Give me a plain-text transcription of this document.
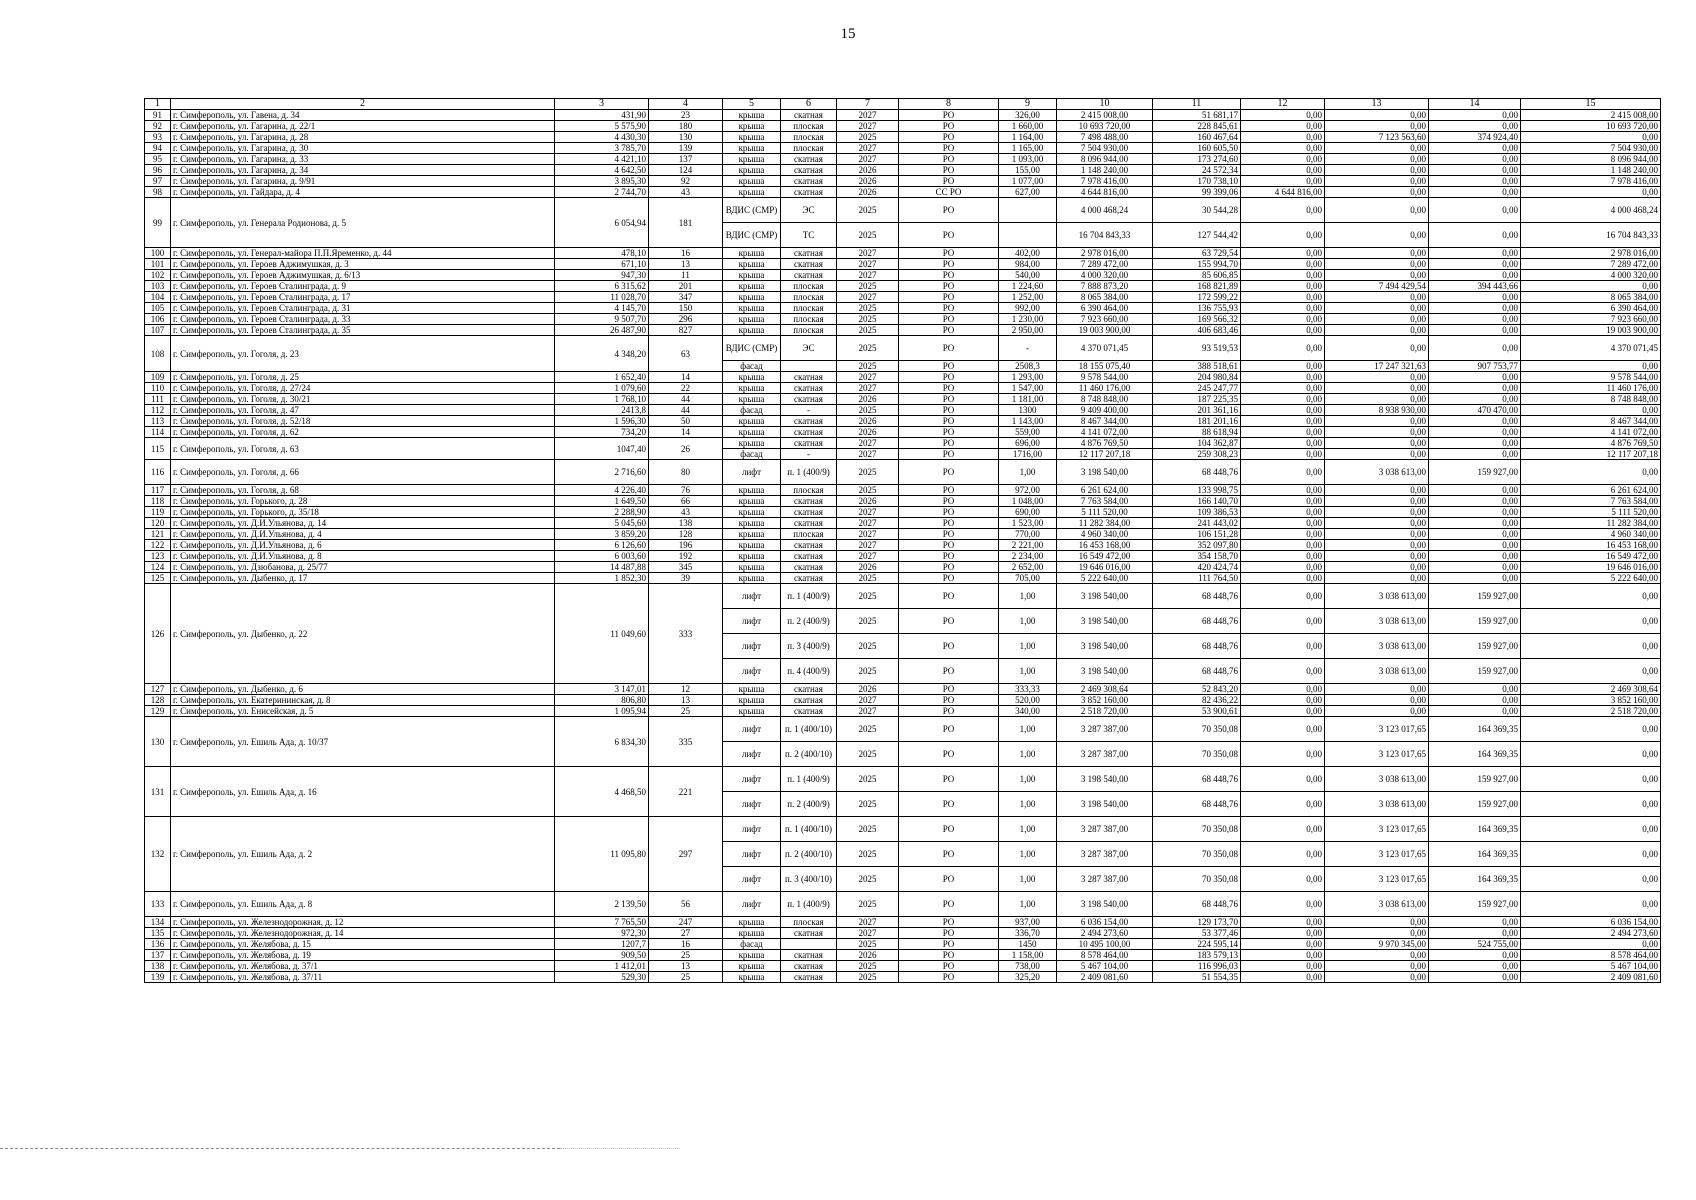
15
1	2	3	4	5	6	7	8	9	10	11	12	13	14	15
91	г. Симферополь, ул. Гавена, д. 34	431,90	23	крыша	скатная	2027	РО	326,00	2 415 008,00	51 681,17	0,00	0,00	0,00	2 415 008,00
92	г. Симферополь, ул. Гагарина, д. 22/1	5 575,90	180	крыша	плоская	2027	РО	1 660,00	10 693 720,00	228 845,61	0,00	0,00	0,00	10 693 720,00
93	г. Симферополь, ул. Гагарина, д. 28	4 430,30	130	крыша	плоская	2025	РО	1 164,00	7 498 488,00	160 467,64	0,00	7 123 563,60	374 924,40	0,00
94	г. Симферополь, ул. Гагарина, д. 30	3 785,70	139	крыша	плоская	2027	РО	1 165,00	7 504 930,00	160 605,50	0,00	0,00	0,00	7 504 930,00
95	г. Симферополь, ул. Гагарина, д. 33	4 421,10	137	крыша	скатная	2027	РО	1 093,00	8 096 944,00	173 274,60	0,00	0,00	0,00	8 096 944,00
96	г. Симферополь, ул. Гагарина, д. 34	4 642,50	124	крыша	скатная	2026	РО	155,00	1 148 240,00	24 572,34	0,00	0,00	0,00	1 148 240,00
97	г. Симферополь, ул. Гагарина, д. 9/91	3 895,30	92	крыша	скатная	2026	РО	1 077,00	7 978 416,00	170 738,10	0,00	0,00	0,00	7 978 416,00
98	г. Симферополь, ул. Гайдара, д. 4	2 744,70	43	крыша	скатная	2026	СС РО	627,00	4 644 816,00	99 399,06	4 644 816,00	0,00	0,00	0,00
99	г. Симферополь, ул. Генерала Родионова, д. 5	6 054,94	181	ВДИС (СМР)	ЭС	2025	РО		4 000 468,24	30 544,28	0,00	0,00	0,00	4 000 468,24
				ВДИС (СМР)	ТС	2025	РО		16 704 843,33	127 544,42	0,00	0,00	0,00	16 704 843,33
100	г. Симферополь, ул. Генерал-майора П.П.Яременко, д. 44	478,10	16	крыша	скатная	2027	РО	402,00	2 978 016,00	63 729,54	0,00	0,00	0,00	2 978 016,00
101	г. Симферополь, ул. Героев Аджимушкая, д. 3	671,10	13	крыша	скатная	2027	РО	984,00	7 289 472,00	155 994,70	0,00	0,00	0,00	7 289 472,00
102	г. Симферополь, ул. Героев Аджимушкая, д. 6/13	947,30	11	крыша	скатная	2027	РО	540,00	4 000 320,00	85 606,85	0,00	0,00	0,00	4 000 320,00
103	г. Симферополь, ул. Героев Сталинграда, д. 9	6 315,62	201	крыша	плоская	2025	РО	1 224,60	7 888 873,20	168 821,89	0,00	7 494 429,54	394 443,66	0,00
104	г. Симферополь, ул. Героев Сталинграда, д. 17	11 028,70	347	крыша	плоская	2027	РО	1 252,00	8 065 384,00	172 599,22	0,00	0,00	0,00	8 065 384,00
105	г. Симферополь, ул. Героев Сталинграда, д. 31	4 145,70	150	крыша	плоская	2025	РО	992,00	6 390 464,00	136 755,93	0,00	0,00	0,00	6 390 464,00
106	г. Симферополь, ул. Героев Сталинграда, д. 33	9 507,70	296	крыша	плоская	2025	РО	1 230,00	7 923 660,00	169 566,32	0,00	0,00	0,00	7 923 660,00
107	г. Симферополь, ул. Героев Сталинграда, д. 35	26 487,90	827	крыша	плоская	2025	РО	2 950,00	19 003 900,00	406 683,46	0,00	0,00	0,00	19 003 900,00
108	г. Симферополь, ул. Гоголя, д. 23	4 348,20	63	ВДИС (СМР)	ЭС	2025	РО	-	4 370 071,45	93 519,53	0,00	0,00	0,00	4 370 071,45
				фасад		2025	РО	2508,3	18 155 075,40	388 518,61	0,00	17 247 321,63	907 753,77	0,00
109	г. Симферополь, ул. Гоголя, д. 25	1 652,40	14	крыша	скатная	2027	РО	1 293,00	9 578 544,00	204 980,84	0,00	0,00	0,00	9 578 544,00
110	г. Симферополь, ул. Гоголя, д. 27/24	1 079,60	22	крыша	скатная	2027	РО	1 547,00	11 460 176,00	245 247,77	0,00	0,00	0,00	11 460 176,00
111	г. Симферополь, ул. Гоголя, д. 30/21	1 768,10	44	крыша	скатная	2026	РО	1 181,00	8 748 848,00	187 225,35	0,00	0,00	0,00	8 748 848,00
112	г. Симферополь, ул. Гоголя, д. 47	2413,8	44	фасад	-	2025	РО	1300	9 409 400,00	201 361,16	0,00	8 938 930,00	470 470,00	0,00
113	г. Симферополь, ул. Гоголя, д. 52/18	1 596,30	50	крыша	скатная	2026	РО	1 143,00	8 467 344,00	181 201,16	0,00	0,00	0,00	8 467 344,00
114	г. Симферополь, ул. Гоголя, д. 62	734,20	14	крыша	скатная	2026	РО	559,00	4 141 072,00	88 618,94	0,00	0,00	0,00	4 141 072,00
115	г. Симферополь, ул. Гоголя, д. 63	1047,40	26	крыша	скатная	2027	РО	696,00	4 876 769,50	104 362,87	0,00	0,00	0,00	4 876 769,50
				фасад	-	2027	РО	1716,00	12 117 207,18	259 308,23	0,00	0,00	0,00	12 117 207,18
116	г. Симферополь, ул. Гоголя, д. 66	2 716,60	80	лифт	п. 1 (400/9)	2025	РО	1,00	3 198 540,00	68 448,76	0,00	3 038 613,00	159 927,00	0,00
117	г. Симферополь, ул. Гоголя, д. 68	4 226,40	76	крыша	плоская	2025	РО	972,00	6 261 624,00	133 998,75	0,00	0,00	0,00	6 261 624,00
118	г. Симферополь, ул. Горького, д. 28	1 649,50	66	крыша	скатная	2026	РО	1 048,00	7 763 584,00	166 140,70	0,00	0,00	0,00	7 763 584,00
119	г. Симферополь, ул. Горького, д. 35/18	2 288,90	43	крыша	скатная	2027	РО	690,00	5 111 520,00	109 386,53	0,00	0,00	0,00	5 111 520,00
120	г. Симферополь, ул. Д.И.Ульянова, д. 14	5 045,60	138	крыша	скатная	2027	РО	1 523,00	11 282 384,00	241 443,02	0,00	0,00	0,00	11 282 384,00
121	г. Симферополь, ул. Д.И.Ульянова, д. 4	3 859,20	128	крыша	плоская	2027	РО	770,00	4 960 340,00	106 151,28	0,00	0,00	0,00	4 960 340,00
122	г. Симферополь, ул. Д.И.Ульянова, д. 6	6 126,60	196	крыша	скатная	2027	РО	2 221,00	16 453 168,00	352 097,80	0,00	0,00	0,00	16 453 168,00
123	г. Симферополь, ул. Д.И.Ульянова, д. 8	6 003,60	192	крыша	скатная	2027	РО	2 234,00	16 549 472,00	354 158,70	0,00	0,00	0,00	16 549 472,00
124	г. Симферополь, ул. Дзюбанова, д. 25/77	14 487,88	345	крыша	скатная	2026	РО	2 652,00	19 646 016,00	420 424,74	0,00	0,00	0,00	19 646 016,00
125	г. Симферополь, ул. Дыбенко, д. 17	1 852,30	39	крыша	скатная	2025	РО	705,00	5 222 640,00	111 764,50	0,00	0,00	0,00	5 222 640,00
126	г. Симферополь, ул. Дыбенко, д. 22	11 049,60	333	лифт	п. 1 (400/9)	2025	РО	1,00	3 198 540,00	68 448,76	0,00	3 038 613,00	159 927,00	0,00
				лифт	п. 2 (400/9)	2025	РО	1,00	3 198 540,00	68 448,76	0,00	3 038 613,00	159 927,00	0,00
				лифт	п. 3 (400/9)	2025	РО	1,00	3 198 540,00	68 448,76	0,00	3 038 613,00	159 927,00	0,00
				лифт	п. 4 (400/9)	2025	РО	1,00	3 198 540,00	68 448,76	0,00	3 038 613,00	159 927,00	0,00
127	г. Симферополь, ул. Дыбенко, д. 6	3 147,01	12	крыша	скатная	2026	РО	333,33	2 469 308,64	52 843,20	0,00	0,00	0,00	2 469 308,64
128	г. Симферополь, ул. Екатерининская, д. 8	806,80	13	крыша	скатная	2027	РО	520,00	3 852 160,00	82 436,22	0,00	0,00	0,00	3 852 160,00
129	г. Симферополь, ул. Енисейская, д. 5	1 095,94	25	крыша	скатная	2027	РО	340,00	2 518 720,00	53 900,61	0,00	0,00	0,00	2 518 720,00
130	г. Симферополь, ул. Ешиль Ада, д. 10/37	6 834,30	335	лифт	п. 1 (400/10)	2025	РО	1,00	3 287 387,00	70 350,08	0,00	3 123 017,65	164 369,35	0,00
				лифт	п. 2 (400/10)	2025	РО	1,00	3 287 387,00	70 350,08	0,00	3 123 017,65	164 369,35	0,00
131	г. Симферополь, ул. Ешиль Ада, д. 16	4 468,50	221	лифт	п. 1 (400/9)	2025	РО	1,00	3 198 540,00	68 448,76	0,00	3 038 613,00	159 927,00	0,00
				лифт	п. 2 (400/9)	2025	РО	1,00	3 198 540,00	68 448,76	0,00	3 038 613,00	159 927,00	0,00
132	г. Симферополь, ул. Ешиль Ада, д. 2	11 095,80	297	лифт	п. 1 (400/10)	2025	РО	1,00	3 287 387,00	70 350,08	0,00	3 123 017,65	164 369,35	0,00
				лифт	п. 2 (400/10)	2025	РО	1,00	3 287 387,00	70 350,08	0,00	3 123 017,65	164 369,35	0,00
				лифт	п. 3 (400/10)	2025	РО	1,00	3 287 387,00	70 350,08	0,00	3 123 017,65	164 369,35	0,00
133	г. Симферополь, ул. Ешиль Ада, д. 8	2 139,50	56	лифт	п. 1 (400/9)	2025	РО	1,00	3 198 540,00	68 448,76	0,00	3 038 613,00	159 927,00	0,00
134	г. Симферополь, ул. Железнодорожная, д. 12	7 765,50	247	крыша	плоская	2027	РО	937,00	6 036 154,00	129 173,70	0,00	0,00	0,00	6 036 154,00
135	г. Симферополь, ул. Железнодорожная, д. 14	972,30	27	крыша	скатная	2027	РО	336,70	2 494 273,60	53 377,46	0,00	0,00	0,00	2 494 273,60
136	г. Симферополь, ул. Желябова, д. 15	1207,7	16	фасад		2025	РО	1450	10 495 100,00	224 595,14	0,00	9 970 345,00	524 755,00	0,00
137	г. Симферополь, ул. Желябова, д. 19	909,50	25	крыша	скатная	2026	РО	1 158,00	8 578 464,00	183 579,13	0,00	0,00	0,00	8 578 464,00
138	г. Симферополь, ул. Желябова, д. 37/1	1 412,01	13	крыша	скатная	2025	РО	738,00	5 467 104,00	116 996,03	0,00	0,00	0,00	5 467 104,00
139	г. Симферополь, ул. Желябова, д. 37/11	529,30	25	крыша	скатная	2025	РО	325,20	2 409 081,60	51 554,35	0,00	0,00	0,00	2 409 081,60
